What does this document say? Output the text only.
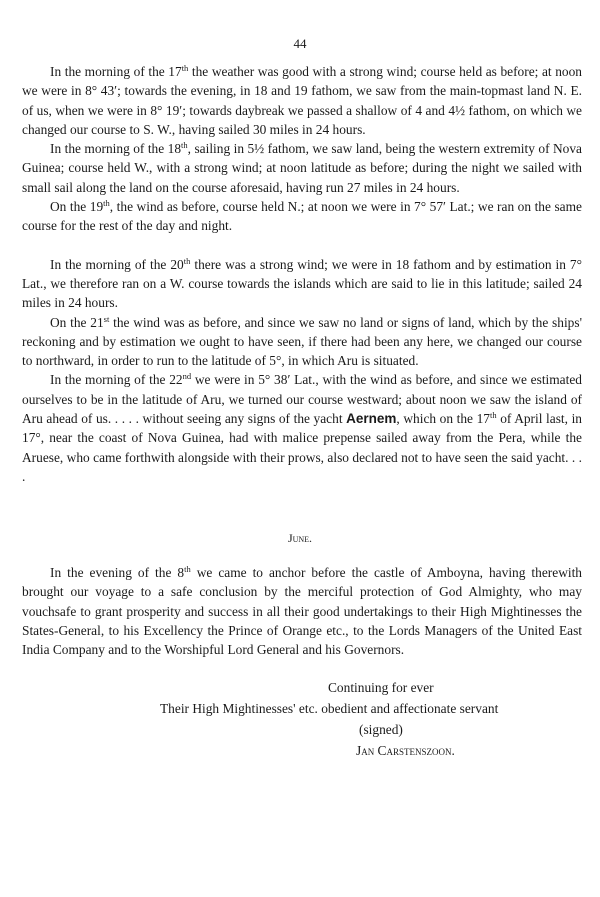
44

In the morning of the 17th the weather was good with a strong wind; course held as before; at noon we were in 8° 43′; towards the evening, in 18 and 19 fathom, we saw from the main-topmast land N. E. of us, when we were in 8° 19′; towards daybreak we passed a shallow of 4 and 4½ fathom, on which we changed our course to S. W., having sailed 30 miles in 24 hours.

In the morning of the 18th, sailing in 5½ fathom, we saw land, being the western extremity of Nova Guinea; course held W., with a strong wind; at noon latitude as before; during the night we sailed with small sail along the land on the course aforesaid, having run 27 miles in 24 hours.

On the 19th, the wind as before, course held N.; at noon we were in 7° 57′ Lat.; we ran on the same course for the rest of the day and night.

In the morning of the 20th there was a strong wind; we were in 18 fathom and by estimation in 7° Lat., we therefore ran on a W. course towards the islands which are said to lie in this latitude; sailed 24 miles in 24 hours.

On the 21st the wind was as before, and since we saw no land or signs of land, which by the ships' reckoning and by estimation we ought to have seen, if there had been any here, we changed our course to northward, in order to run to the latitude of 5°, in which Aru is situated.

In the morning of the 22nd we were in 5° 38′ Lat., with the wind as before, and since we estimated ourselves to be in the latitude of Aru, we turned our course westward; about noon we saw the island of Aru ahead of us. . . . . without seeing any signs of the yacht Aernem, which on the 17th of April last, in 17°, near the coast of Nova Guinea, had with malice prepense sailed away from the Pera, while the Aruese, who came forthwith alongside with their prows, also declared not to have seen the said yacht. . . .

June.

In the evening of the 8th we came to anchor before the castle of Amboyna, having therewith brought our voyage to a safe conclusion by the merciful protection of God Almighty, who may vouchsafe to grant prosperity and success in all their good undertakings to their High Mightinesses the States-General, to his Excellency the Prince of Orange etc., to the Lords Managers of the United East India Company and to the Worshipful Lord General and his Governors.

Continuing for ever
Their High Mightinesses' etc. obedient and affectionate servant
(signed)
Jan Carstenszoon.
